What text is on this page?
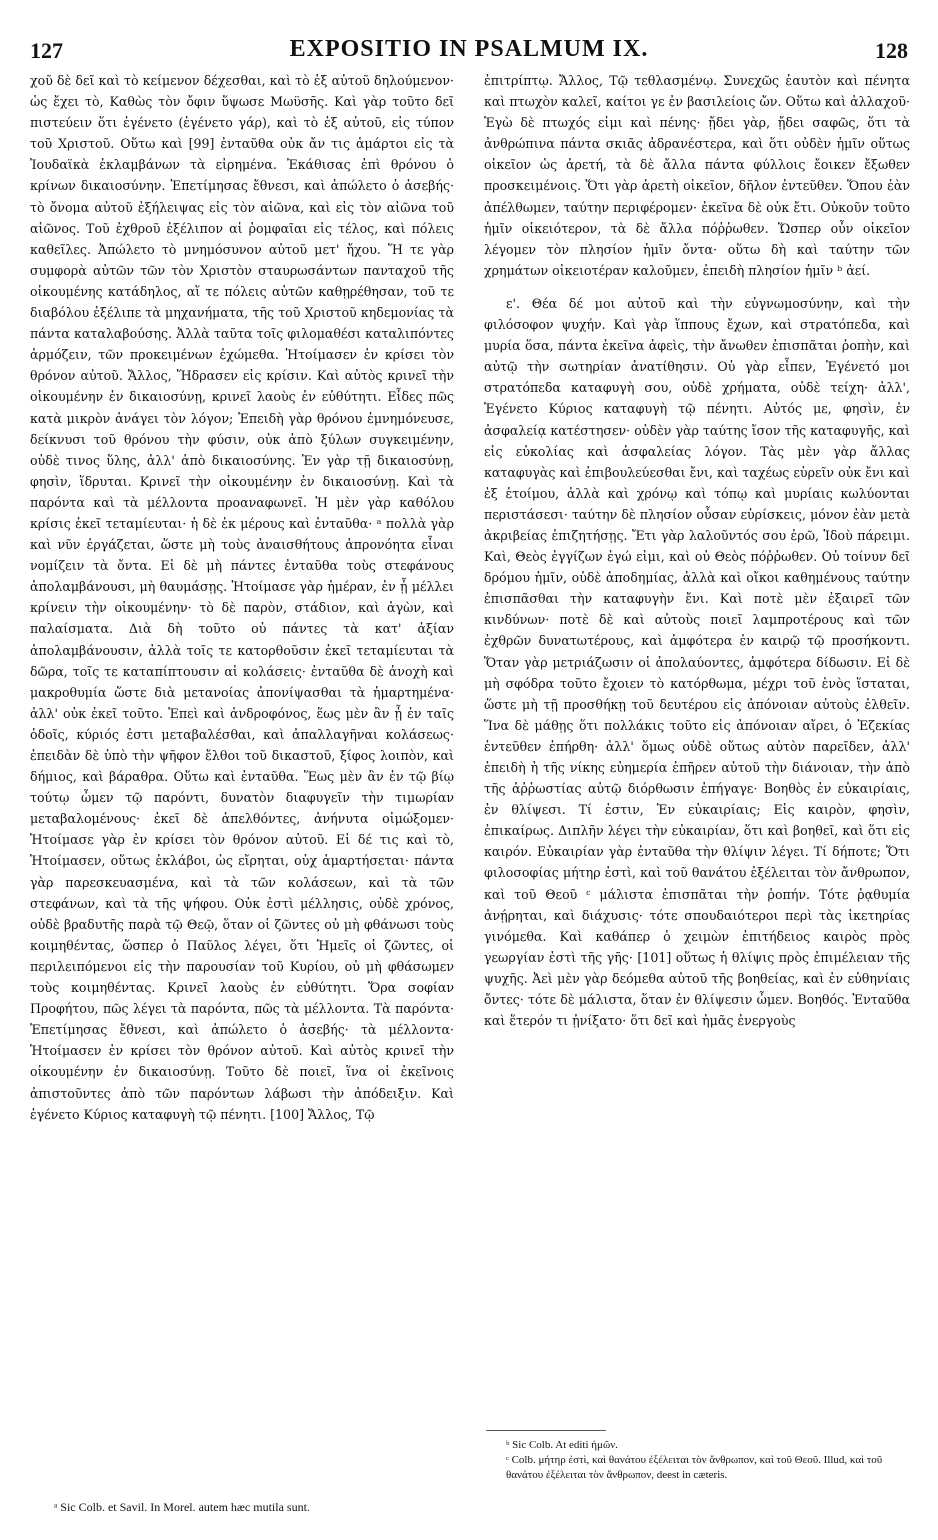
127	EXPOSITIO IN PSALMUM IX.	128

χοῦ δὲ δεῖ καὶ τὸ κείμενον δέχεσθαι, καὶ τὸ ἐξ αὐτοῦ δηλούμενον· ὡς ἔχει τὸ, Καθὼς τὸν ὄφιν ὕψωσε Μωϋσῆς. Καὶ γὰρ τοῦτο δεῖ πιστεύειν ὅτι ἐγένετο (ἐγένετο γάρ), καὶ τὸ ἐξ αὐτοῦ, εἰς τύπον τοῦ Χριστοῦ. Οὕτω καὶ [99] ἐνταῦθα οὐκ ἄν τις ἁμάρτοι εἰς τὰ Ἰουδαϊκὰ ἐκλαμβάνων τὰ εἰρημένα. Ἐκάθισας ἐπὶ θρόνου ὁ κρίνων δικαιοσύνην. Ἐπετίμησας ἔθνεσι, καὶ ἀπώλετο ὁ ἀσεβής· τὸ ὄνομα αὐτοῦ ἐξήλειψας εἰς τὸν αἰῶνα, καὶ εἰς τὸν αἰῶνα τοῦ αἰῶνος. Τοῦ ἐχθροῦ ἐξέλιπον αἱ ῥομφαῖαι εἰς τέλος, καὶ πόλεις καθεῖλες. Ἀπώλετο τὸ μνημόσυνον αὐτοῦ μετ' ἤχου. Ἥ τε γὰρ συμφορὰ αὐτῶν τῶν τὸν Χριστὸν σταυρωσάντων πανταχοῦ τῆς οἰκουμένης κατάδηλος, αἵ τε πόλεις αὐτῶν καθῃρέθησαν, τοῦ τε διαβόλου ἐξέλιπε τὰ μηχανήματα, τῆς τοῦ Χριστοῦ κηδεμονίας τὰ πάντα καταλαβούσης. Ἀλλὰ ταῦτα τοῖς φιλομαθέσι καταλιπόντες ἁρμόζειν, τῶν προκειμένων ἐχώμεθα. Ἡτοίμασεν ἐν κρίσει τὸν θρόνον αὐτοῦ. Ἄλλος, Ἥδρασεν εἰς κρίσιν. Καὶ αὐτὸς κρινεῖ τὴν οἰκουμένην ἐν δικαιοσύνῃ, κρινεῖ λαοὺς ἐν εὐθύτητι. Εἶδες πῶς κατὰ μικρὸν ἀνάγει τὸν λόγον; Ἐπειδὴ γὰρ θρόνου ἐμνημόνευσε, δείκνυσι τοῦ θρόνου τὴν φύσιν, οὐκ ἀπὸ ξύλων συγκειμένην, οὐδὲ τινος ὕλης, ἀλλ' ἀπὸ δικαιοσύνης. Ἐν γὰρ τῇ δικαιοσύνῃ, φησὶν, ἵδρυται. Κρινεῖ τὴν οἰκουμένην ἐν δικαιοσύνῃ. Καὶ τὰ παρόντα καὶ τὰ μέλλοντα προαναφωνεῖ. Ἡ μὲν γὰρ καθόλου κρίσις ἐκεῖ τεταμίευται· ἡ δὲ ἐκ μέρους καὶ ἐνταῦθα· ᵃ πολλὰ γὰρ καὶ νῦν ἐργάζεται, ὥστε μὴ τοὺς ἀναισθήτους ἀπρονόητα εἶναι νομίζειν τὰ ὄντα. Εἰ δὲ μὴ πάντες ἐνταῦθα τοὺς στεφάνους ἀπολαμβάνουσι, μὴ θαυμάσῃς. Ἡτοίμασε γὰρ ἡμέραν, ἐν ᾗ μέλλει κρίνειν τὴν οἰκουμένην· τὸ δὲ παρὸν, στάδιον, καὶ ἀγὼν, καὶ παλαίσματα. Διὰ δὴ τοῦτο οὐ πάντες τὰ κατ' ἀξίαν ἀπολαμβάνουσιν, ἀλλὰ τοῖς τε κατορθοῦσιν ἐκεῖ τεταμίευται τὰ δῶρα, τοῖς τε καταπίπτουσιν αἱ κολάσεις· ἐνταῦθα δὲ ἀνοχὴ καὶ μακροθυμία ὥστε διὰ μετανοίας ἀπονίψασθαι τὰ ἡμαρτημένα· ἀλλ' οὐκ ἐκεῖ τοῦτο. Ἐπεὶ καὶ ἀνδροφόνος, ἕως μὲν ἂν ᾖ ἐν ταῖς ὁδοῖς, κύριός ἐστι μεταβαλέσθαι, καὶ ἀπαλλαγῆναι κολάσεως· ἐπειδὰν δὲ ὑπὸ τὴν ψῆφον ἔλθοι τοῦ δικαστοῦ, ξίφος λοιπὸν, καὶ δήμιος, καὶ βάραθρα. Οὕτω καὶ ἐνταῦθα. Ἕως μὲν ἂν ἐν τῷ βίῳ τούτῳ ὦμεν τῷ παρόντι, δυνατὸν διαφυγεῖν τὴν τιμωρίαν μεταβαλομένους· ἐκεῖ δὲ ἀπελθόντες, ἀνήνυτα οἰμώξομεν· Ἡτοίμασε γὰρ ἐν κρίσει τὸν θρόνον αὐτοῦ. Εἰ δέ τις καὶ τὸ, Ἡτοίμασεν, οὕτως ἐκλάβοι, ὡς εἴρηται, οὐχ ἁμαρτήσεται· πάντα γὰρ παρεσκευασμένα, καὶ τὰ τῶν κολάσεων, καὶ τὰ τῶν στεφάνων, καὶ τὰ τῆς ψήφου. Οὐκ ἐστὶ μέλλησις, οὐδὲ χρόνος, οὐδὲ βραδυτῆς παρὰ τῷ Θεῷ, ὅταν οἱ ζῶντες οὐ μὴ φθάνωσι τοὺς κοιμηθέντας, ὥσπερ ὁ Παῦλος λέγει, ὅτι Ἡμεῖς οἱ ζῶντες, οἱ περιλειπόμενοι εἰς τὴν παρουσίαν τοῦ Κυρίου, οὐ μὴ φθάσωμεν τοὺς κοιμηθέντας. Κρινεῖ λαοὺς ἐν εὐθύτητι. Ὅρα σοφίαν Προφήτου, πῶς λέγει τὰ παρόντα, πῶς τὰ μέλλοντα. Τὰ παρόντα· Ἐπετίμησας ἔθνεσι, καὶ ἀπώλετο ὁ ἀσεβής· τὰ μέλλοντα· Ἡτοίμασεν ἐν κρίσει τὸν θρόνον αὐτοῦ. Καὶ αὐτὸς κρινεῖ τὴν οἰκουμένην ἐν δικαιοσύνῃ. Τοῦτο δὲ ποιεῖ, ἵνα οἱ ἐκεῖνοις ἀπιστοῦντες ἀπὸ τῶν παρόντων λάβωσι τὴν ἀπόδειξιν. Καὶ ἐγένετο Κύριος καταφυγὴ τῷ πένητι. [100] Ἄλλος, Τῷ

ἐπιτρίπτῳ. Ἄλλος, Τῷ τεθλασμένῳ. Συνεχῶς ἑαυτὸν καὶ πένητα καὶ πτωχὸν καλεῖ, καίτοι γε ἐν βασιλείοις ὤν. Οὕτω καὶ ἀλλαχοῦ· Ἐγὼ δὲ πτωχός εἰμι καὶ πένης· ᾔδει γὰρ, ᾔδει σαφῶς, ὅτι τὰ ἀνθρώπινα πάντα σκιᾶς ἀδρανέστερα, καὶ ὅτι οὐδὲν ἡμῖν οὕτως οἰκεῖον ὡς ἀρετή, τὰ δὲ ἄλλα πάντα φύλλοις ἔοικεν ἔξωθεν προσκειμένοις. Ὅτι γὰρ ἀρετὴ οἰκεῖον, δῆλον ἐντεῦθεν. Ὅπου ἐὰν ἀπέλθωμεν, ταύτην περιφέρομεν· ἐκεῖνα δὲ οὐκ ἔτι. Οὐκοῦν τοῦτο ἡμῖν οἰκειότερον, τὰ δὲ ἄλλα πόῤῥωθεν. Ὥσπερ οὖν οἰκεῖον λέγομεν τὸν πλησίον ἡμῖν ὄντα· οὕτω δὴ καὶ ταύτην τῶν χρημάτων οἰκειοτέραν καλοῦμεν, ἐπειδὴ πλησίον ἡμῖν ᵇ ἀεί.

ε'. Θέα δέ μοι αὐτοῦ καὶ τὴν εὐγνωμοσύνην, καὶ τὴν φιλόσοφον ψυχήν. Καὶ γὰρ ἵππους ἔχων, καὶ στρατόπεδα, καὶ μυρία ὅσα, πάντα ἐκεῖνα ἀφεὶς, τὴν ἄνωθεν ἐπισπᾶται ῥοπὴν, καὶ αὐτῷ τὴν σωτηρίαν ἀνατίθησιν. Οὐ γὰρ εἶπεν, Ἐγένετό μοι στρατόπεδα καταφυγὴ σου, οὐδὲ χρήματα, οὐδὲ τείχη· ἀλλ', Ἐγένετο Κύριος καταφυγὴ τῷ πένητι. Αὐτός με, φησὶν, ἐν ἀσφαλείᾳ κατέστησεν· οὐδὲν γὰρ ταύτης ἴσον τῆς καταφυγῆς, καὶ εἰς εὐκολίας καὶ ἀσφαλείας λόγον. Τὰς μὲν γὰρ ἄλλας καταφυγὰς καὶ ἐπιβουλεύεσθαι ἔνι, καὶ ταχέως εὑρεῖν οὐκ ἔνι καὶ ἐξ ἑτοίμου, ἀλλὰ καὶ χρόνῳ καὶ τόπῳ καὶ μυρίαις κωλύονται περιστάσεσι· ταύτην δὲ πλησίον οὖσαν εὑρίσκεις, μόνον ἐὰν μετὰ ἀκριβείας ἐπιζητήσῃς. Ἔτι γὰρ λαλοῦντός σου ἐρῶ, Ἰδοὺ πάρειμι. Καὶ, Θεὸς ἐγγίζων ἐγώ εἰμι, καὶ οὐ Θεὸς πόῤῥωθεν. Οὐ τοίνυν δεῖ δρόμου ἡμῖν, οὐδὲ ἀποδημίας, ἀλλὰ καὶ οἴκοι καθημένους ταύτην ἐπισπᾶσθαι τὴν καταφυγὴν ἔνι. Καὶ ποτὲ μὲν ἐξαιρεῖ τῶν κινδύνων· ποτὲ δὲ καὶ αὐτοὺς ποιεῖ λαμπροτέρους καὶ τῶν ἐχθρῶν δυνατωτέρους, καὶ ἀμφότερα ἐν καιρῷ τῷ προσήκοντι. Ὅταν γὰρ μετριάζωσιν οἱ ἀπολαύοντες, ἀμφότερα δίδωσιν. Εἰ δὲ μὴ σφόδρα τοῦτο ἔχοιεν τὸ κατόρθωμα, μέχρι τοῦ ἑνὸς ἵσταται, ὥστε μὴ τῇ προσθήκῃ τοῦ δευτέρου εἰς ἀπόνοιαν αὐτοὺς ἐλθεῖν. Ἵνα δὲ μάθῃς ὅτι πολλάκις τοῦτο εἰς ἀπόνοιαν αἴρει, ὁ Ἐζεκίας ἐντεῦθεν ἐπήρθη· ἀλλ' ὅμως οὐδὲ οὕτως αὐτὸν παρεῖδεν, ἀλλ' ἐπειδὴ ἡ τῆς νίκης εὐημερία ἐπῆρεν αὐτοῦ τὴν διάνοιαν, τὴν ἀπὸ τῆς ἀῤῥωστίας αὐτῷ διόρθωσιν ἐπήγαγε· Βοηθὸς ἐν εὐκαιρίαις, ἐν θλίψεσι. Τί ἐστιν, Ἐν εὐκαιρίαις; Εἰς καιρὸν, φησὶν, ἐπικαίρως. Διπλῆν λέγει τὴν εὐκαιρίαν, ὅτι καὶ βοηθεῖ, καὶ ὅτι εἰς καιρόν. Εὐκαιρίαν γὰρ ἐνταῦθα τὴν θλίψιν λέγει. Τί δήποτε; Ὅτι φιλοσοφίας μήτηρ ἐστὶ, καὶ τοῦ θανάτου ἐξέλειται τὸν ἄνθρωπον, καὶ τοῦ Θεοῦ ᶜ μάλιστα ἐπισπᾶται τὴν ῥοπήν. Τότε ῥᾳθυμία ἀνῄρηται, καὶ διάχυσις· τότε σπουδαιότεροι περὶ τὰς ἱκετηρίας γινόμεθα. Καὶ καθάπερ ὁ χειμὼν ἐπιτήδειος καιρὸς πρὸς γεωργίαν ἐστὶ τῆς γῆς· [101] οὕτως ἡ θλίψις πρὸς ἐπιμέλειαν τῆς ψυχῆς. Ἀεὶ μὲν γὰρ δεόμεθα αὐτοῦ τῆς βοηθείας, καὶ ἐν εὐθηνίαις ὄντες· τότε δὲ μάλιστα, ὅταν ἐν θλίψεσιν ὦμεν. Βοηθός. Ἐνταῦθα καὶ ἕτερόν τι ᾐνίξατο· ὅτι δεῖ καὶ ἡμᾶς ἐνεργοὺς

ᵇ Sic Colb. At editi ἡμῶν.
ᶜ Colb. μήτηρ ἐστὶ, καὶ θανάτου ἐξέλειται τὸν ἄνθρωπον, καὶ τοῦ Θεοῦ. Illud, καὶ τοῦ θανάτου ἐξέλειται τὸν ἄνθρωπον, deest in cæteris.
ᵃ Sic Colb. et Savil. In Morel. autem hæc mutila sunt.
